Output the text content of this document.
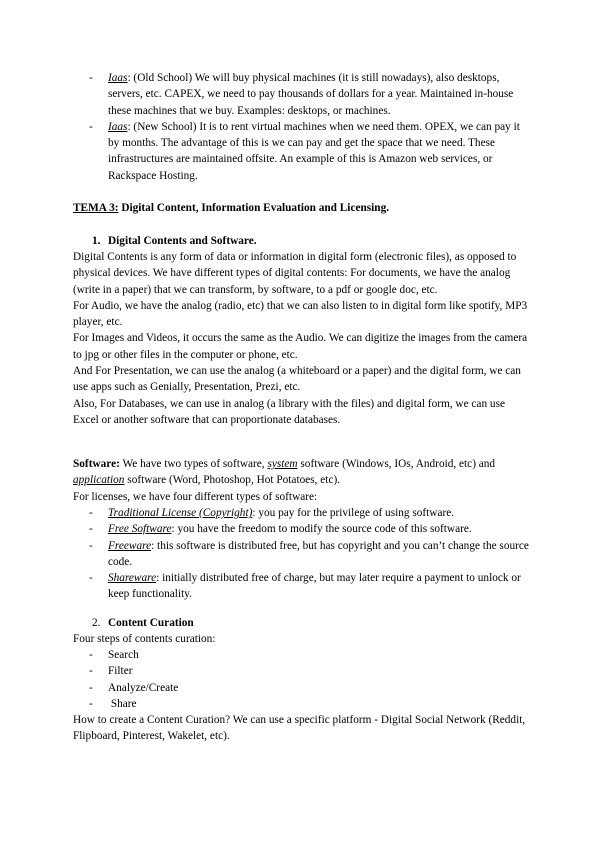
- Iaas: (Old School) We will buy physical machines (it is still nowadays), also desktops, servers, etc. CAPEX, we need to pay thousands of dollars for a year. Maintained in-house these machines that we buy. Examples: desktops, or machines.
- Iaas: (New School) It is to rent virtual machines when we need them. OPEX, we can pay it by months. The advantage of this is we can pay and get the space that we need. These infrastructures are maintained offsite. An example of this is Amazon web services, or Rackspace Hosting.
TEMA 3: Digital Content, Information Evaluation and Licensing.
1. Digital Contents and Software.

Digital Contents is any form of data or information in digital form (electronic files), as opposed to physical devices. We have different types of digital contents: For documents, we have the analog (write in a paper) that we can transform, by software, to a pdf or google doc, etc.

For Audio, we have the analog (radio, etc) that we can also listen to in digital form like spotify, MP3 player, etc.

For Images and Videos, it occurs the same as the Audio. We can digitize the images from the camera to jpg or other files in the computer or phone, etc.

And For Presentation, we can use the analog (a whiteboard or a paper) and the digital form, we can use apps such as Genially, Presentation, Prezi, etc.

Also, For Databases, we can use in analog (a library with the files) and digital form, we can use Excel or another software that can proportionate databases.

Software: We have two types of software, system software (Windows, IOs, Android, etc) and application software (Word, Photoshop, Hot Potatoes, etc).

For licenses, we have four different types of software:

- Traditional License (Copyright): you pay for the privilege of using software.
- Free Software: you have the freedom to modify the source code of this software.
- Freeware: this software is distributed free, but has copyright and you can’t change the source code.
- Shareware: initially distributed free of charge, but may later require a payment to unlock or keep functionality.
2. Content Curation

Four steps of contents curation:

- Search
- Filter
- Analyze/Create
- Share

How to create a Content Curation? We can use a specific platform - Digital Social Network (Reddit, Flipboard, Pinterest, Wakelet, etc).
